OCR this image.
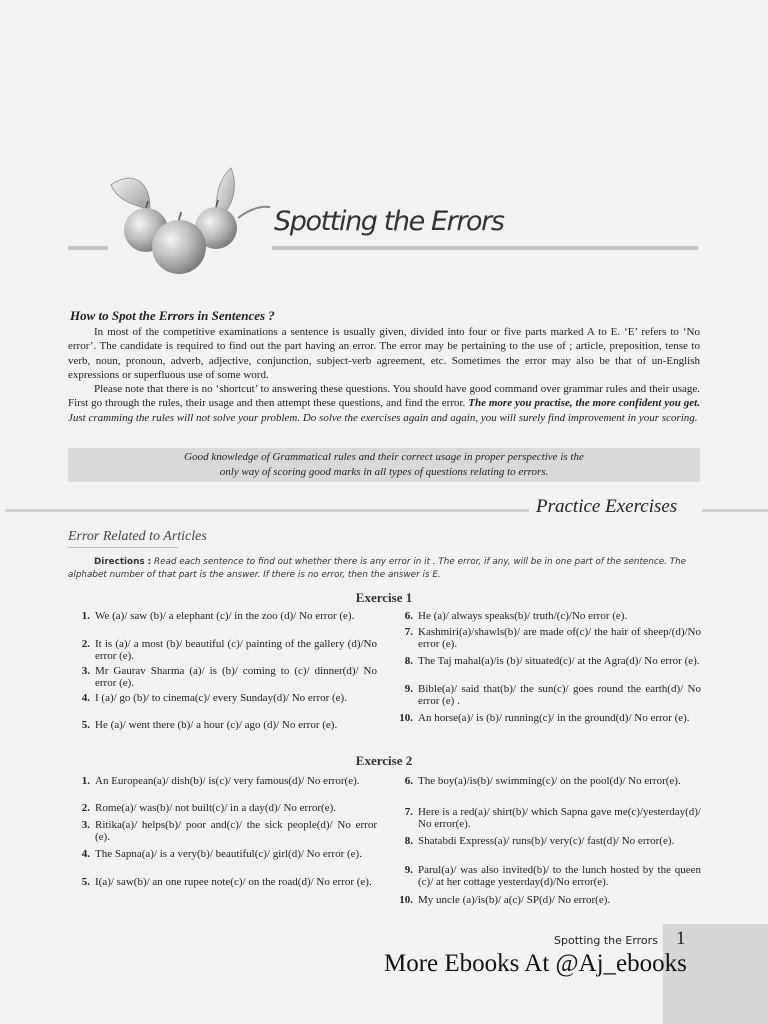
Spotting the Errors
How to Spot the Errors in Sentences ?

In most of the competitive examinations a sentence is usually given, divided into four or five parts marked A to E. ‘E’ refers to ‘No error’. The candidate is required to find out the part having an error. The error may be pertaining to the use of ; article, preposition, tense to verb, noun, pronoun, adverb, adjective, conjunction, subject-verb agreement, etc. Sometimes the error may also be that of un-English expressions or superfluous use of some word.

Please note that there is no ‘shortcut’ to answering these questions. You should have good command over grammar rules and their usage. First go through the rules, their usage and then attempt these questions, and find the error. The more you practise, the more confident you get. Just cramming the rules will not solve your problem. Do solve the exercises again and again, you will surely find improvement in your scoring.

Good knowledge of Grammatical rules and their correct usage in proper perspective is the
only way of scoring good marks in all types of questions relating to errors.
Practice Exercises
Error Related to Articles
Directions : Read each sentence to find out whether there is any error in it . The error, if any, will be in one part of the sentence. The alphabet number of that part is the answer. If there is no error, then the answer is E.
Exercise 1
1. We (a)/ saw (b)/ a elephant (c)/ in the zoo (d)/ No error (e).
2. It is (a)/ a most (b)/ beautiful (c)/ painting of the gallery (d)/No error (e).
3. Mr Gaurav Sharma (a)/ is (b)/ coming to (c)/ dinner(d)/ No error (e).
4. I (a)/ go (b)/ to cinema(c)/ every Sunday(d)/ No error (e).
5. He (a)/ went there (b)/ a hour (c)/ ago (d)/ No error (e).
6. He (a)/ always speaks(b)/ truth/(c)/No error (e).
7. Kashmiri(a)/shawls(b)/ are made of(c)/ the hair of sheep/(d)/No error (e).
8. The Taj mahal(a)/is (b)/ situated(c)/ at the Agra(d)/ No error (e).
9. Bible(a)/ said that(b)/ the sun(c)/ goes round the earth(d)/ No error (e) .
10. An horse(a)/ is (b)/ running(c)/ in the ground(d)/ No error (e).
Exercise 2
1. An European(a)/ dish(b)/ is(c)/ very famous(d)/ No error(e).
2. Rome(a)/ was(b)/ not built(c)/ in a day(d)/ No error(e).
3. Ritika(a)/ helps(b)/ poor and(c)/ the sick people(d)/ No error (e).
4. The Sapna(a)/ is a very(b)/ beautiful(c)/ girl(d)/ No error (e).
5. I(a)/ saw(b)/ an one rupee note(c)/ on the road(d)/ No error (e).
6. The boy(a)/is(b)/ swimming(c)/ on the pool(d)/ No error(e).
7. Here is a red(a)/ shirt(b)/ which Sapna gave me(c)/yesterday(d)/ No error(e).
8. Shatabdi Express(a)/ runs(b)/ very(c)/ fast(d)/ No error(e).
9. Parul(a)/ was also invited(b)/ to the lunch hosted by the queen (c)/ at her cottage yesterday(d)/No error(e).
10. My uncle (a)/is(b)/ a(c)/ SP(d)/ No error(e).
Spotting the Errors 1
More Ebooks At @Aj_ebooks
